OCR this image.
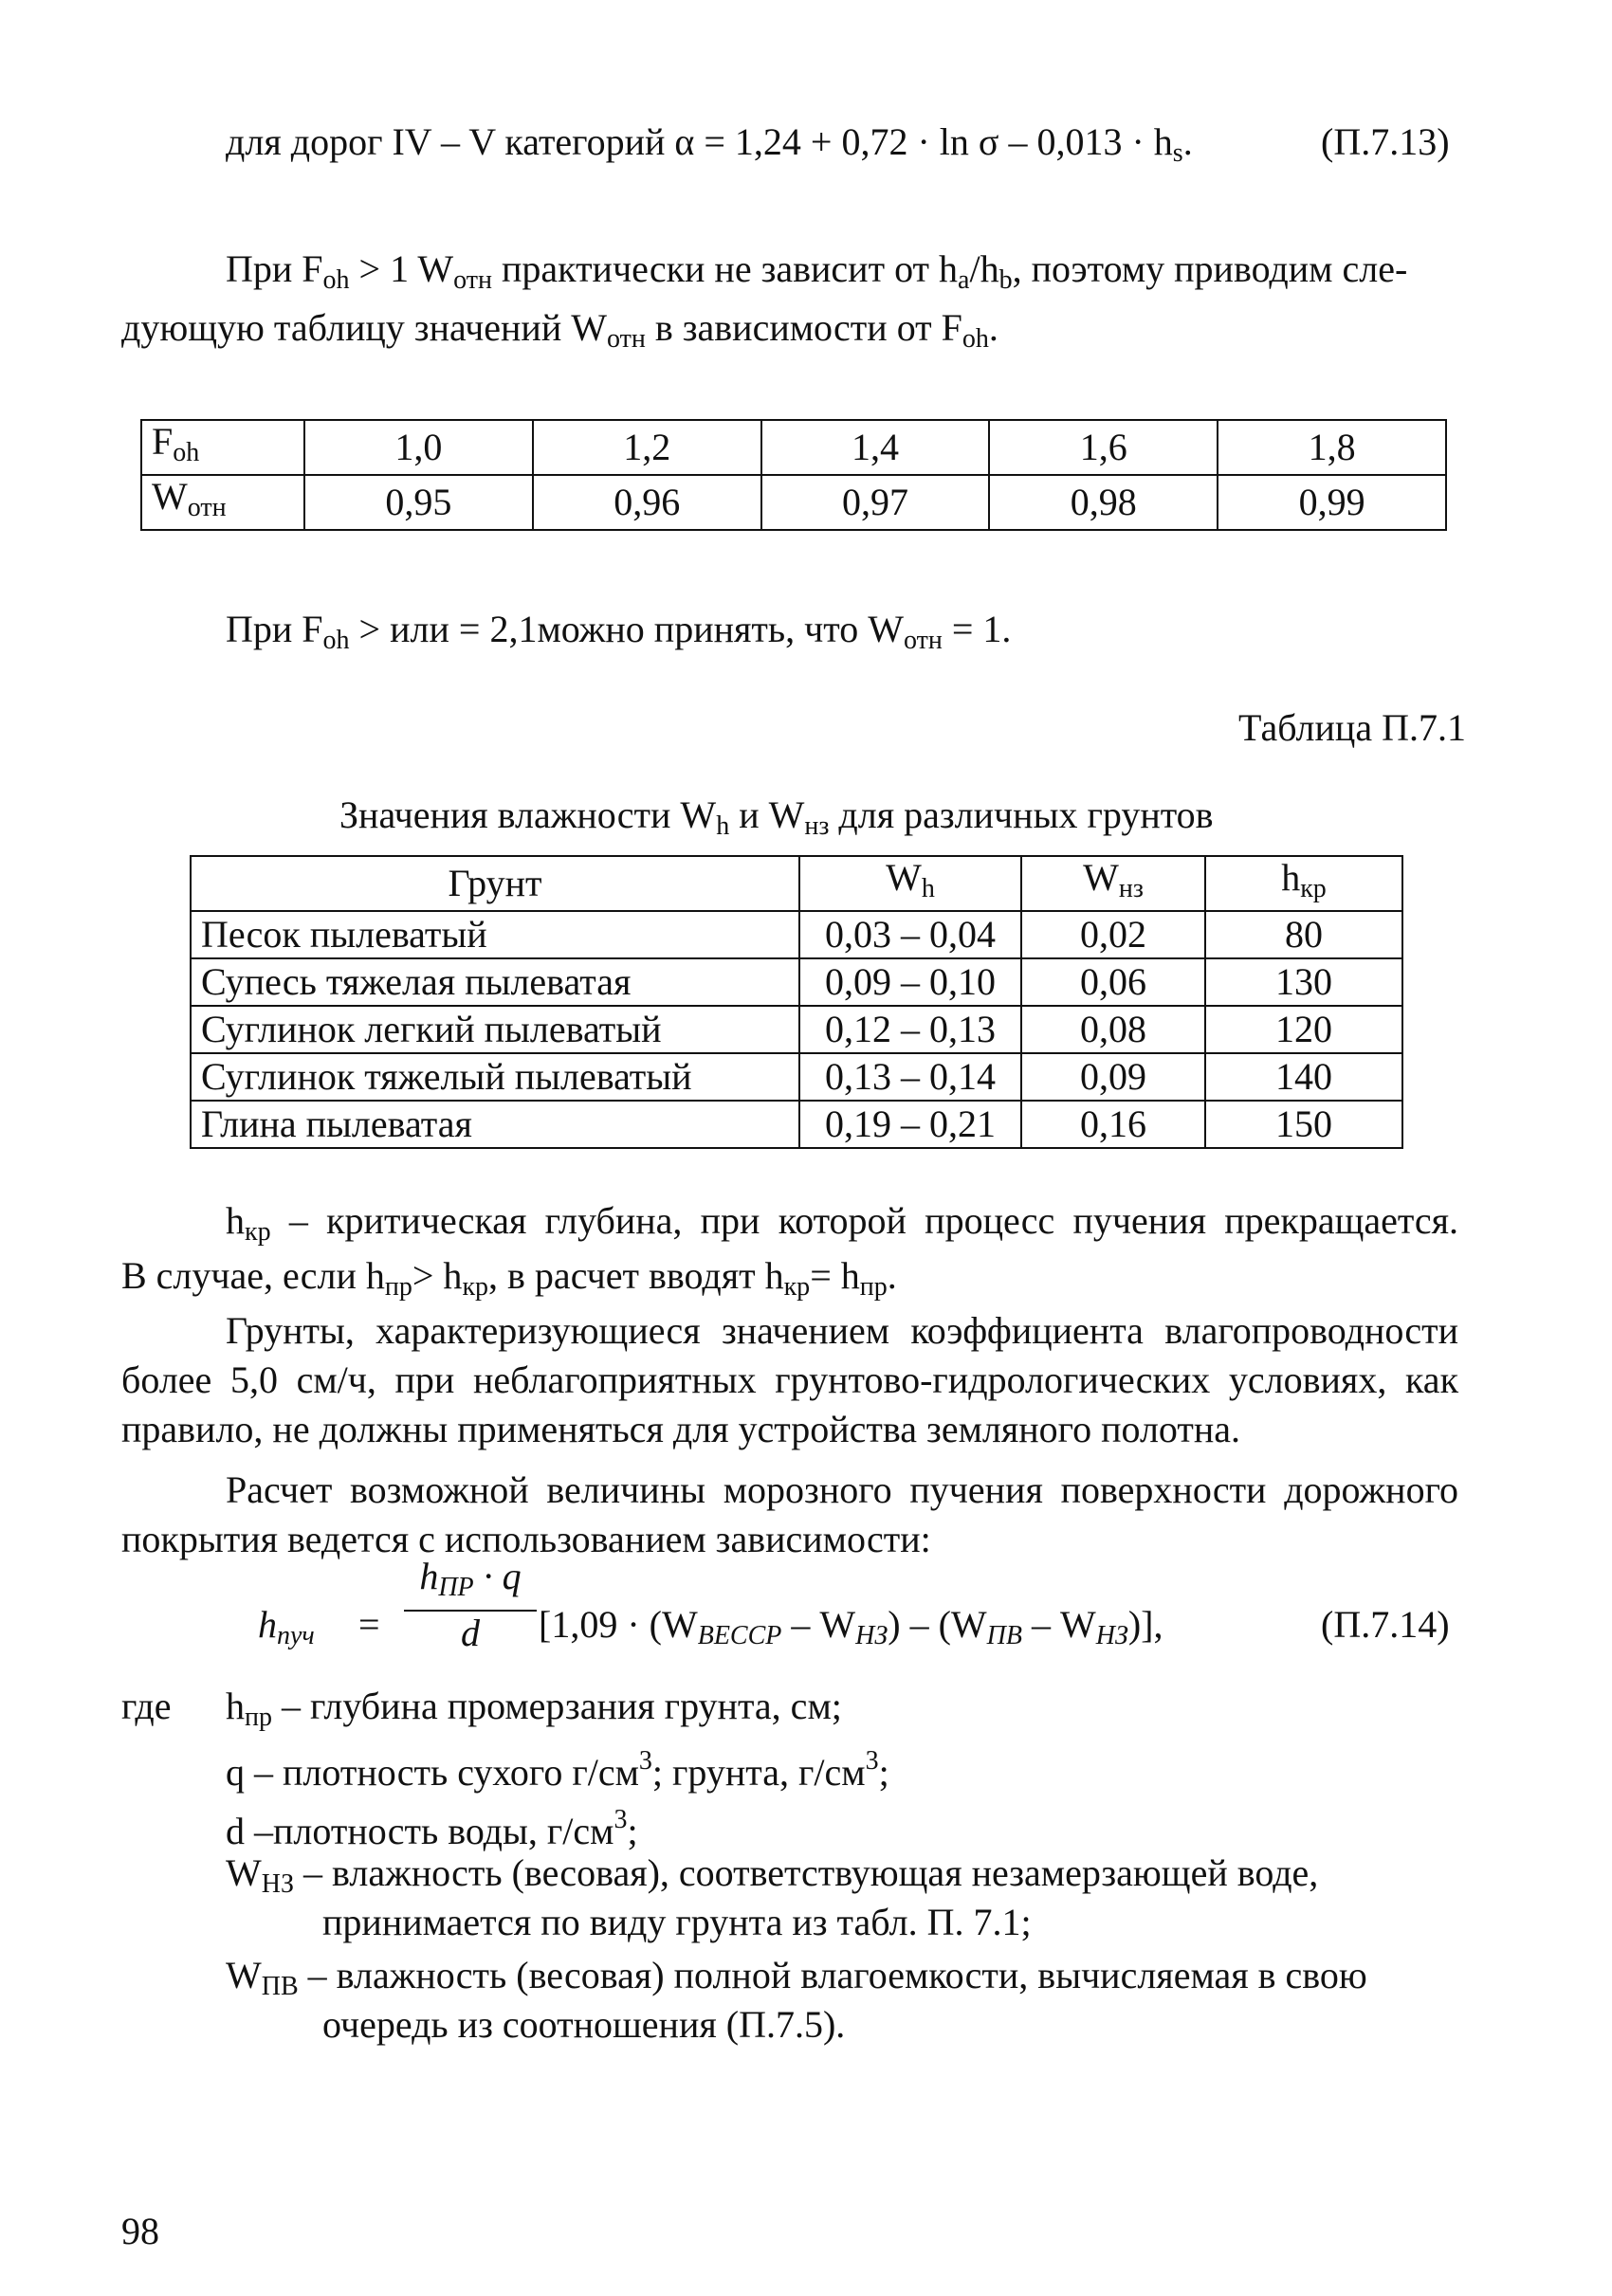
для дорог IV – V категорий $\alpha = 1,24 + 0,72 \cdot \ln \sigma - 0,013 \cdot h_s$.	(П.7.13)
При $F_{oh} > 1$ $W_{отн}$ практически не зависит от $h_a/h_b$, поэтому приводим сле-
дующую таблицу значений $W_{отн}$ в зависимости от $F_{oh}$.
$F_{oh}$	1,0	1,2	1,4	1,6	1,8
$W_{отн}$	0,95	0,96	0,97	0,98	0,99
При $F_{oh}$ > или = 2,1можно принять, что $W_{отн} = 1$.
Таблица П.7.1
Значения влажности $W_h$ и $W_{нз}$ для различных грунтов
Грунт	$W_h$	$W_{нз}$	$h_{кр}$
Песок пылеватый	0,03 – 0,04	0,02	80
Супесь тяжелая пылеватая	0,09 – 0,10	0,06	130
Суглинок легкий пылеватый	0,12 – 0,13	0,08	120
Суглинок тяжелый пылеватый	0,13 – 0,14	0,09	140
Глина пылеватая	0,19 – 0,21	0,16	150
$h_{кр}$ – критическая глубина, при которой процесс пучения прекращается.
В случае, если $h_{пр}> h_{кр}$, в расчет вводят $h_{кр}= h_{пр}$.
Грунты, характеризующиеся значением коэффициента влагопроводности
более 5,0 см/ч, при неблагоприятных грунтово-гидрологических условиях, как
правило, не должны применяться для устройства земляного полотна.
Расчет возможной величины морозного пучения поверхности дорожного
покрытия ведется с использованием зависимости:
$h_{пуч}$ =
$h_{ПР} \cdot q$
d	$[1,09 \cdot (W_{ВЕССР} - W_{НЗ}) - (W_{ПВ} - W_{НЗ})]$,	(П.7.14)
где $h_{пр}$ – глубина промерзания грунта, см;
q – плотность сухого $г/см^3$; грунта, $г/см^3$;
d –плотность воды, $г/см^3$;
$W_{НЗ}$ – влажность (весовая), соответствующая незамерзающей воде,
принимается по виду грунта из табл. П. 7.1;
$W_{ПВ}$ – влажность (весовая) полной влагоемкости, вычисляемая в свою
очередь из соотношения (П.7.5).
98
